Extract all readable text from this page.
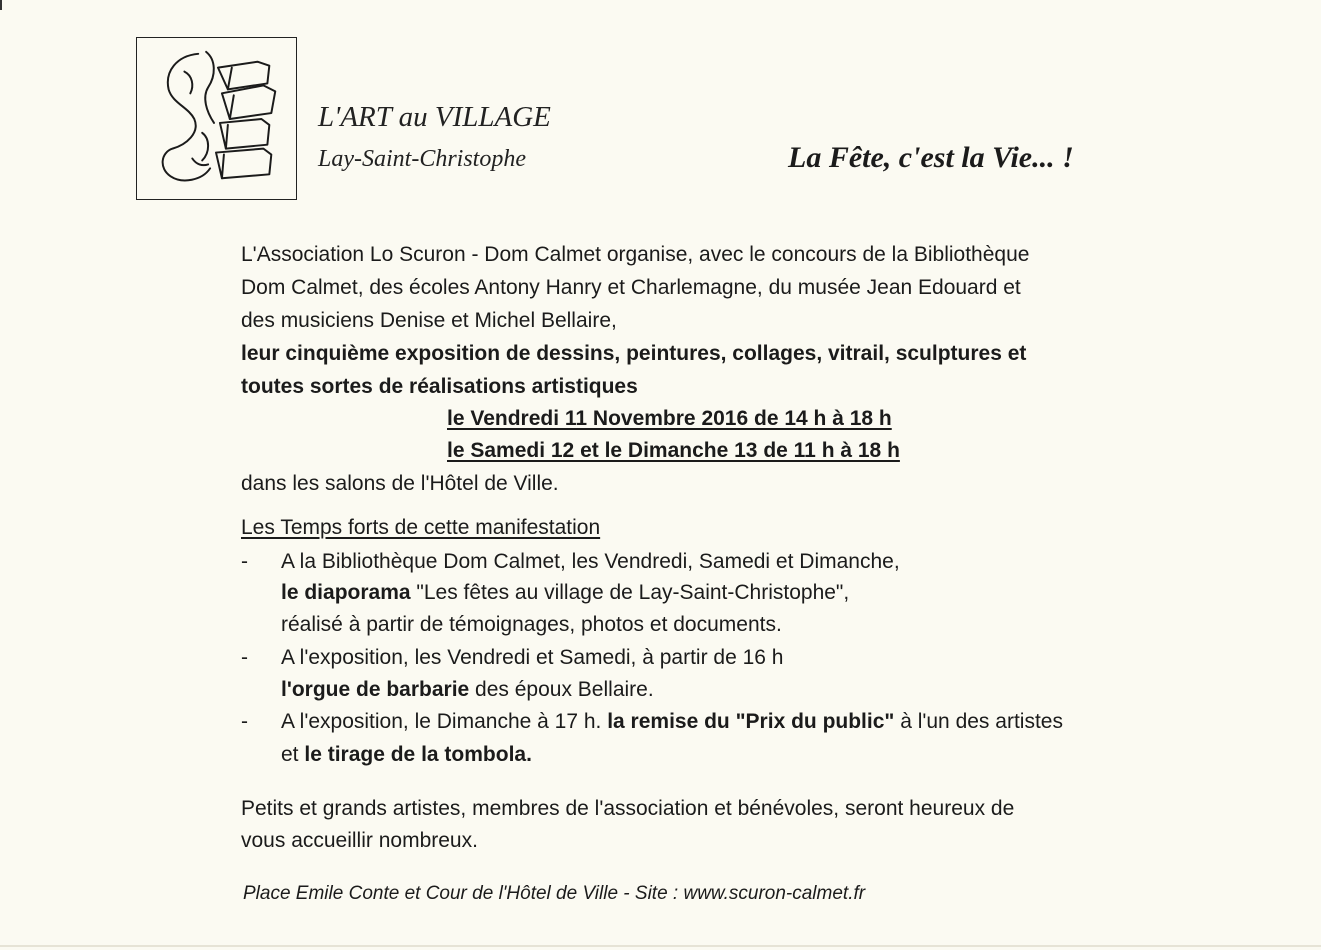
L'ART au VILLAGE
Lay-Saint-Christophe	La Fête, c'est la Vie... !
L'Association Lo Scuron - Dom Calmet organise, avec le concours de la Bibliothèque
Dom Calmet, des écoles Antony Hanry et Charlemagne, du musée Jean Edouard et
des musiciens Denise et Michel Bellaire,
leur cinquième exposition de dessins, peintures, collages, vitrail, sculptures et
toutes sortes de réalisations artistiques
le Vendredi 11 Novembre 2016 de 14 h à 18 h
le Samedi 12 et le Dimanche 13 de 11 h à 18 h
dans les salons de l'Hôtel de Ville.
Les Temps forts de cette manifestation
- A la Bibliothèque Dom Calmet, les Vendredi, Samedi et Dimanche,
le diaporama "Les fêtes au village de Lay-Saint-Christophe",
réalisé à partir de témoignages, photos et documents.
- A l'exposition, les Vendredi et Samedi, à partir de 16 h
l'orgue de barbarie des époux Bellaire.
- A l'exposition, le Dimanche à 17 h. la remise du "Prix du public" à l'un des artistes
et le tirage de la tombola.
Petits et grands artistes, membres de l'association et bénévoles, seront heureux de
vous accueillir nombreux.
Place Emile Conte et Cour de l'Hôtel de Ville - Site : www.scuron-calmet.fr
